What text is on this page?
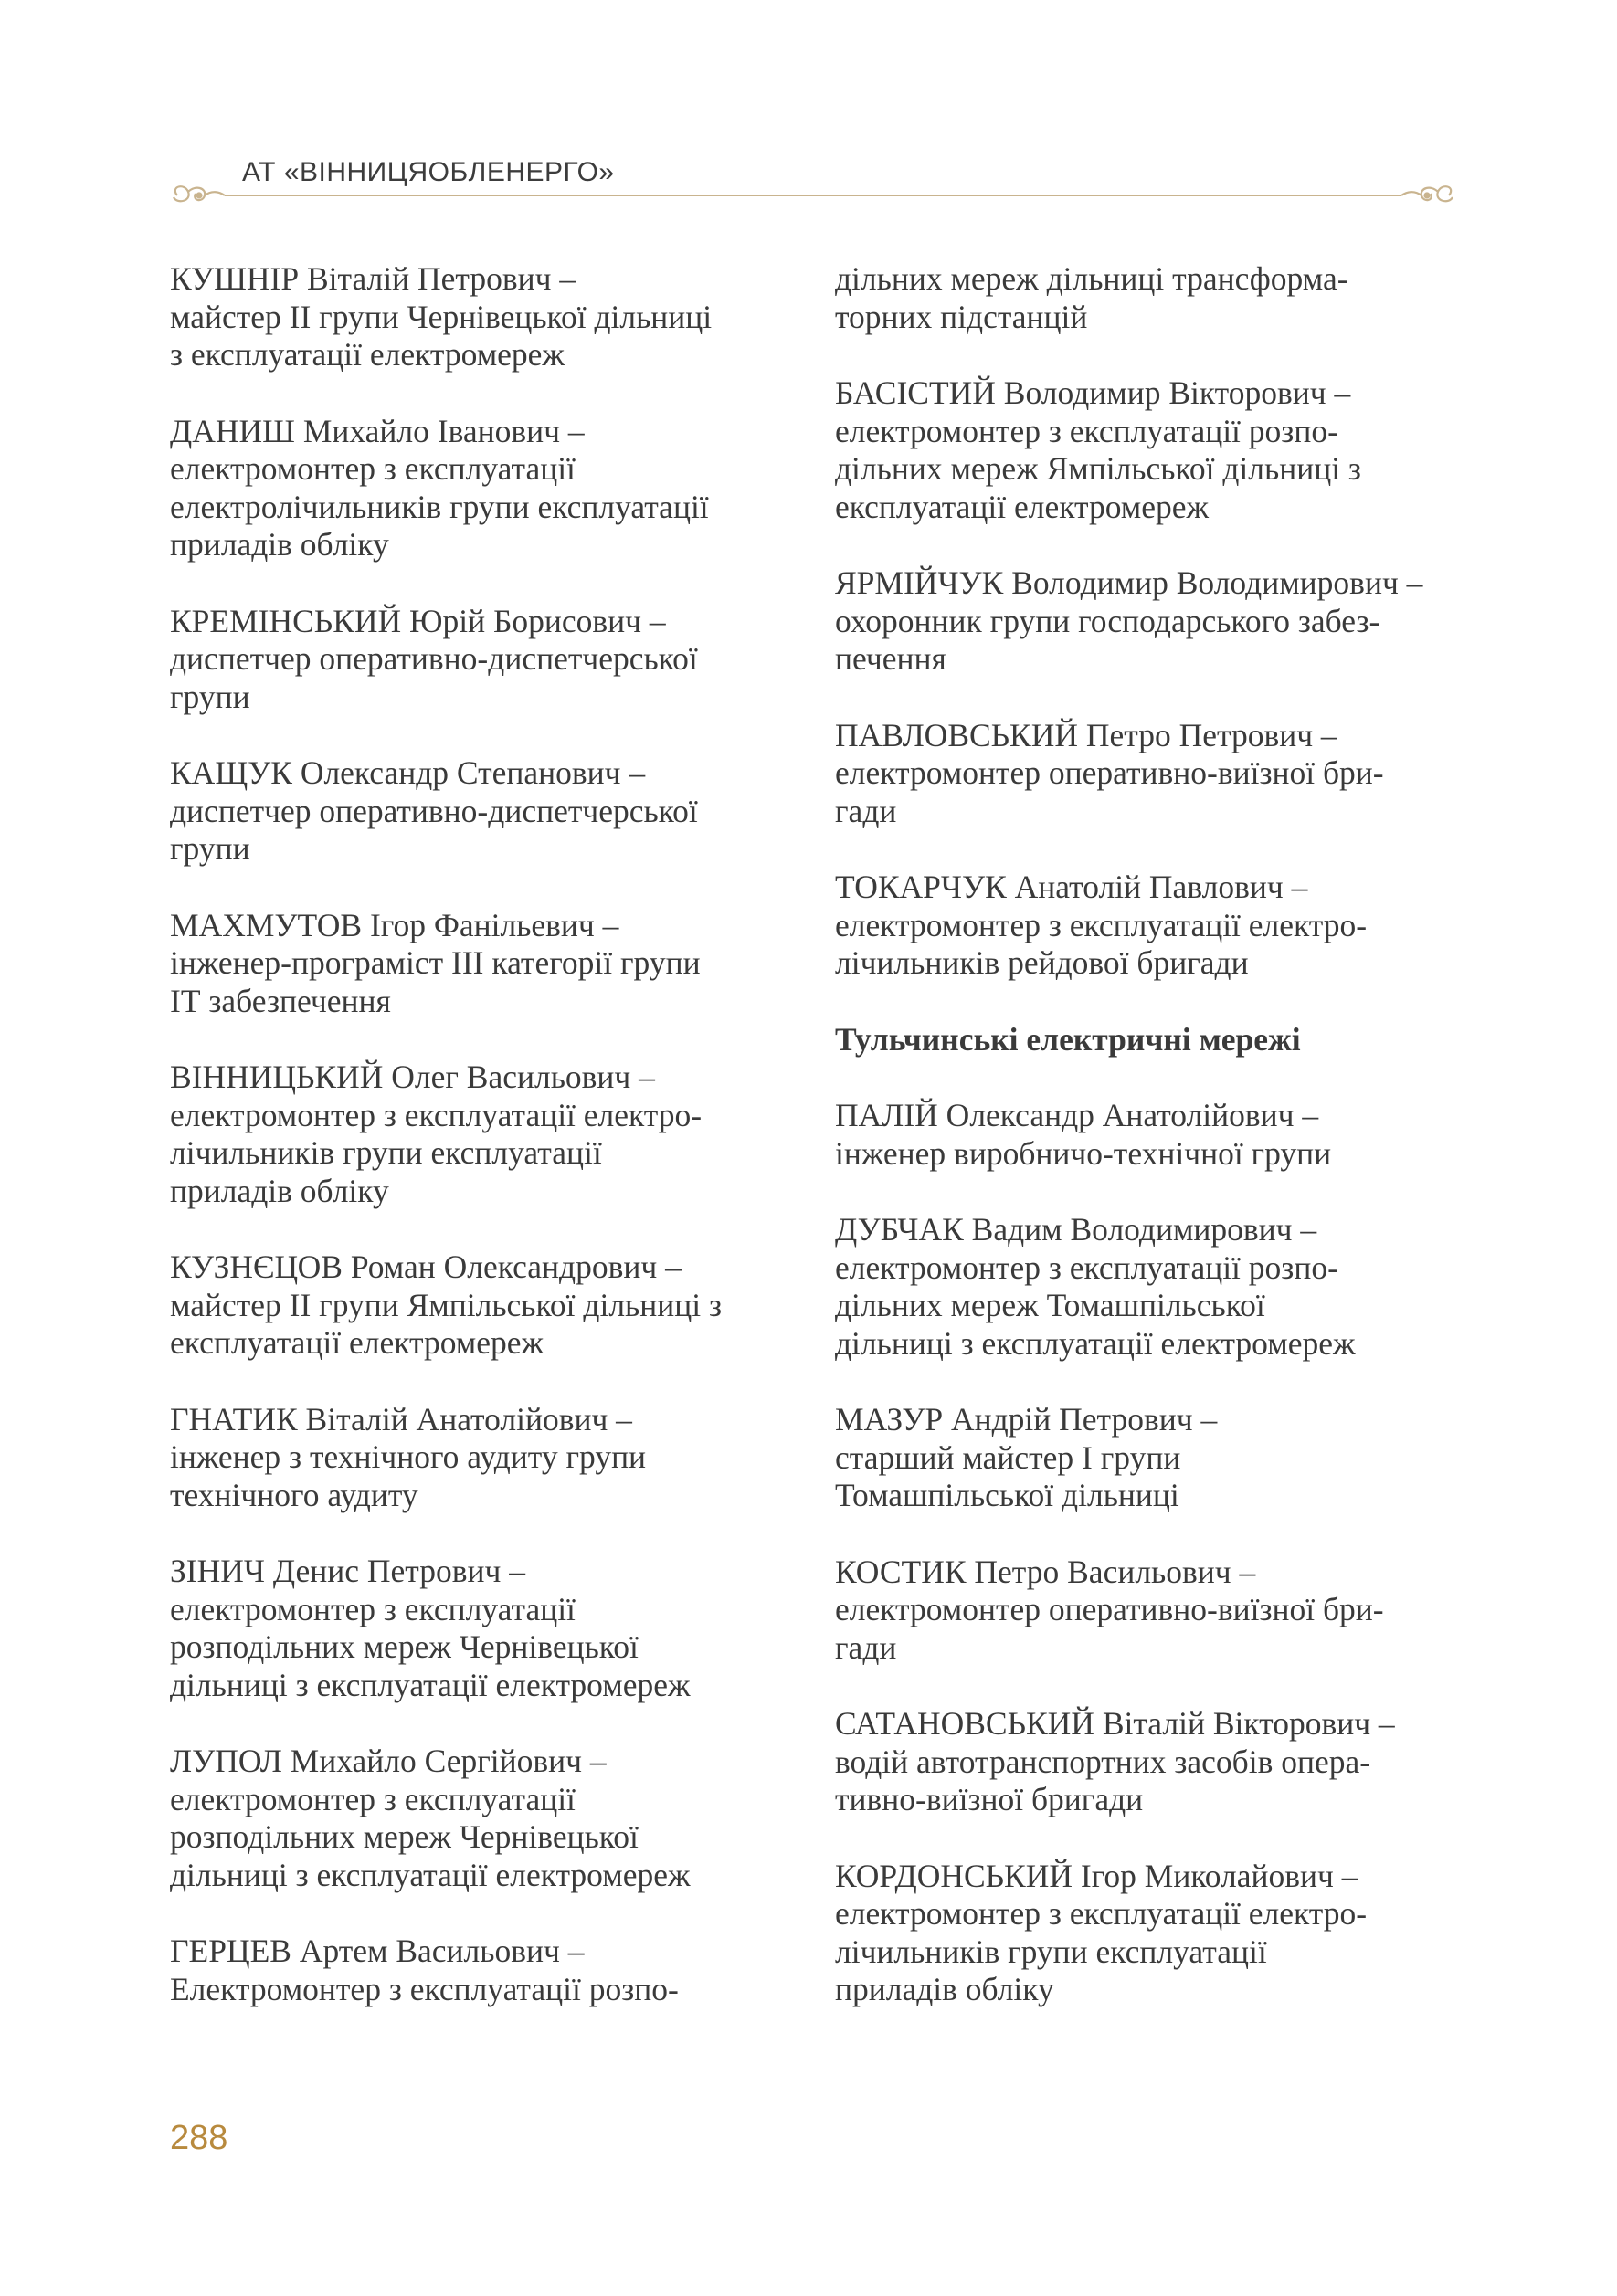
АТ «ВІННИЦЯОБЛЕНЕРГО»
КУШНІР Віталій Петрович –
майстер ІІ групи Чернівецької дільниці
з експлуатації електромереж
ДАНИШ Михайло Іванович –
електромонтер з експлуатації
електролічильників групи експлуатації
приладів обліку
КРЕМІНСЬКИЙ Юрій Борисович –
диспетчер оперативно-диспетчерської
групи
КАЩУК Олександр Степанович –
диспетчер оперативно-диспетчерської
групи
МАХМУТОВ Ігор Фанільевич –
інженер-програміст ІІІ категорії групи
ІТ забезпечення
ВІННИЦЬКИЙ Олег Васильович –
електромонтер з експлуатації електро-
лічильників групи експлуатації
приладів обліку
КУЗНЄЦОВ Роман Олександрович –
майстер ІІ групи Ямпільської дільниці з
експлуатації електромереж
ГНАТИК Віталій Анатолійович –
інженер з технічного аудиту групи
технічного аудиту
ЗІНИЧ Денис Петрович –
електромонтер з експлуатації
розподільних мереж Чернівецької
дільниці з експлуатації електромереж
ЛУПОЛ Михайло Сергійович –
електромонтер з експлуатації
розподільних мереж Чернівецької
дільниці з експлуатації електромереж
ГЕРЦЕВ Артем Васильович –
Електромонтер з експлуатації розпо-
дільних мереж дільниці трансформа-
торних підстанцій
БАСІСТИЙ Володимир Вікторович –
електромонтер з експлуатації розпо-
дільних мереж Ямпільської дільниці з
експлуатації електромереж
ЯРМІЙЧУК Володимир Володимирович –
охоронник групи господарського забез-
печення
ПАВЛОВСЬКИЙ Петро Петрович –
електромонтер оперативно-виїзної бри-
гади
ТОКАРЧУК Анатолій Павлович –
електромонтер з експлуатації електро-
лічильників рейдової бригади
Тульчинські електричні мережі
ПАЛІЙ Олександр Анатолійович –
інженер виробничо-технічної групи
ДУБЧАК Вадим Володимирович –
електромонтер з експлуатації розпо-
дільних мереж Томашпільської
дільниці з експлуатації електромереж
МАЗУР Андрій Петрович –
старший майстер І групи
Томашпільської дільниці
КОСТИК Петро Васильович –
електромонтер оперативно-виїзної бри-
гади
САТАНОВСЬКИЙ Віталій Вікторович –
водій автотранспортних засобів опера-
тивно-виїзної бригади
КОРДОНСЬКИЙ Ігор Миколайович –
електромонтер з експлуатації електро-
лічильників групи експлуатації
приладів обліку
288
